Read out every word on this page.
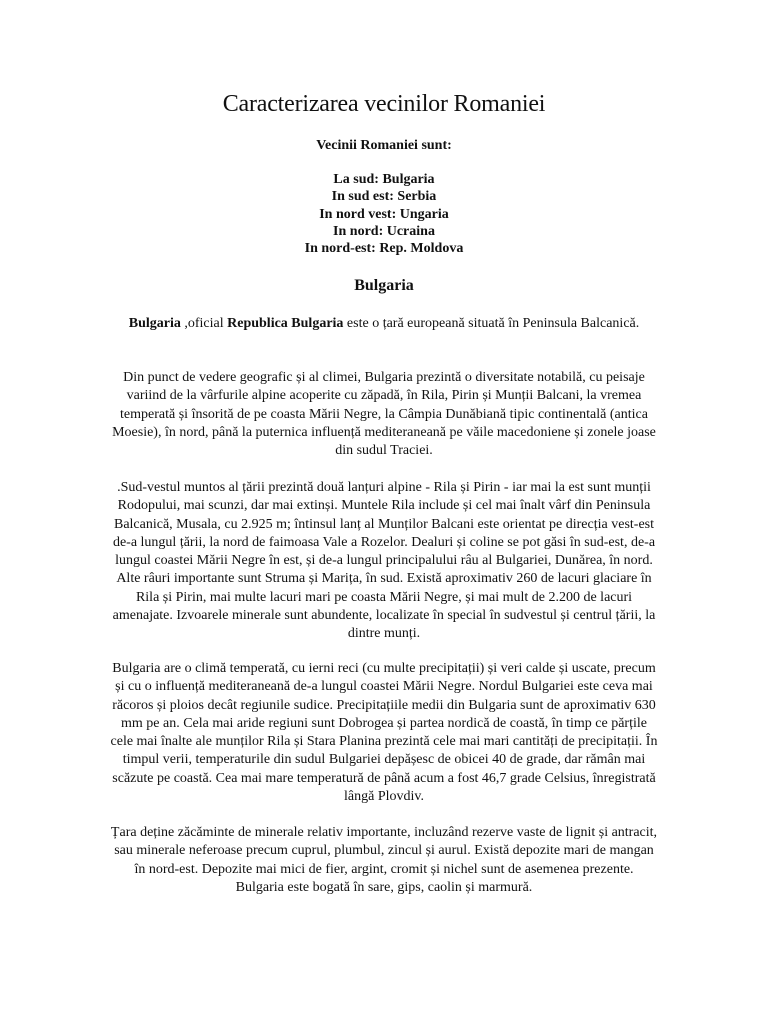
Caracterizarea vecinilor Romaniei

Vecinii Romaniei sunt:

La sud: Bulgaria
In sud est: Serbia
In nord vest: Ungaria
In nord: Ucraina
In nord-est: Rep. Moldova
Bulgaria

Bulgaria ,oficial Republica Bulgaria este o țară europeană situată în Peninsula Balcanică.

Din punct de vedere geografic și al climei, Bulgaria prezintă o diversitate notabilă, cu peisaje variind de la vârfurile alpine acoperite cu zăpadă, în Rila, Pirin și Munții Balcani, la vremea temperată și însorită de pe coasta Mării Negre, la Câmpia Dunăbiană tipic continentală (antica Moesie), în nord, până la puternica influență mediteraneană pe văile macedoniene și zonele joase din sudul Traciei.

.Sud-vestul muntos al țării prezintă două lanțuri alpine - Rila și Pirin - iar mai la est sunt munții Rodopului, mai scunzi, dar mai extinși. Muntele Rila include și cel mai înalt vârf din Peninsula Balcanică, Musala, cu 2.925 m; întinsul lanț al Munților Balcani este orientat pe direcția vest-est de-a lungul țării, la nord de faimoasa Vale a Rozelor. Dealuri și coline se pot găsi în sud-est, de-a lungul coastei Mării Negre în est, și de-a lungul principalului râu al Bulgariei, Dunărea, în nord. Alte râuri importante sunt Struma și Marița, în sud. Există aproximativ 260 de lacuri glaciare în Rila și Pirin, mai multe lacuri mari pe coasta Mării Negre, și mai mult de 2.200 de lacuri amenajate. Izvoarele minerale sunt abundente, localizate în special în sudvestul și centrul țării, la dintre munți.

Bulgaria are o climă temperată, cu ierni reci (cu multe precipitații) și veri calde și uscate, precum și cu o influență mediteraneană de-a lungul coastei Mării Negre. Nordul Bulgariei este ceva mai răcoros și ploios decât regiunile sudice. Precipitațiile medii din Bulgaria sunt de aproximativ 630 mm pe an. Cela mai aride regiuni sunt Dobrogea și partea nordică de coastă, în timp ce părțile cele mai înalte ale munților Rila și Stara Planina prezintă cele mai mari cantități de precipitații. În timpul verii, temperaturile din sudul Bulgariei depășesc de obicei 40 de grade, dar rămân mai scăzute pe coastă. Cea mai mare temperatură de până acum a fost 46,7 grade Celsius, înregistrată lângă Plovdiv.

Țara deține zăcăminte de minerale relativ importante, incluzând rezerve vaste de lignit și antracit, sau minerale neferoase precum cuprul, plumbul, zincul și aurul. Există depozite mari de mangan în nord-est. Depozite mai mici de fier, argint, cromit și nichel sunt de asemenea prezente. Bulgaria este bogată în sare, gips, caolin și marmură.
